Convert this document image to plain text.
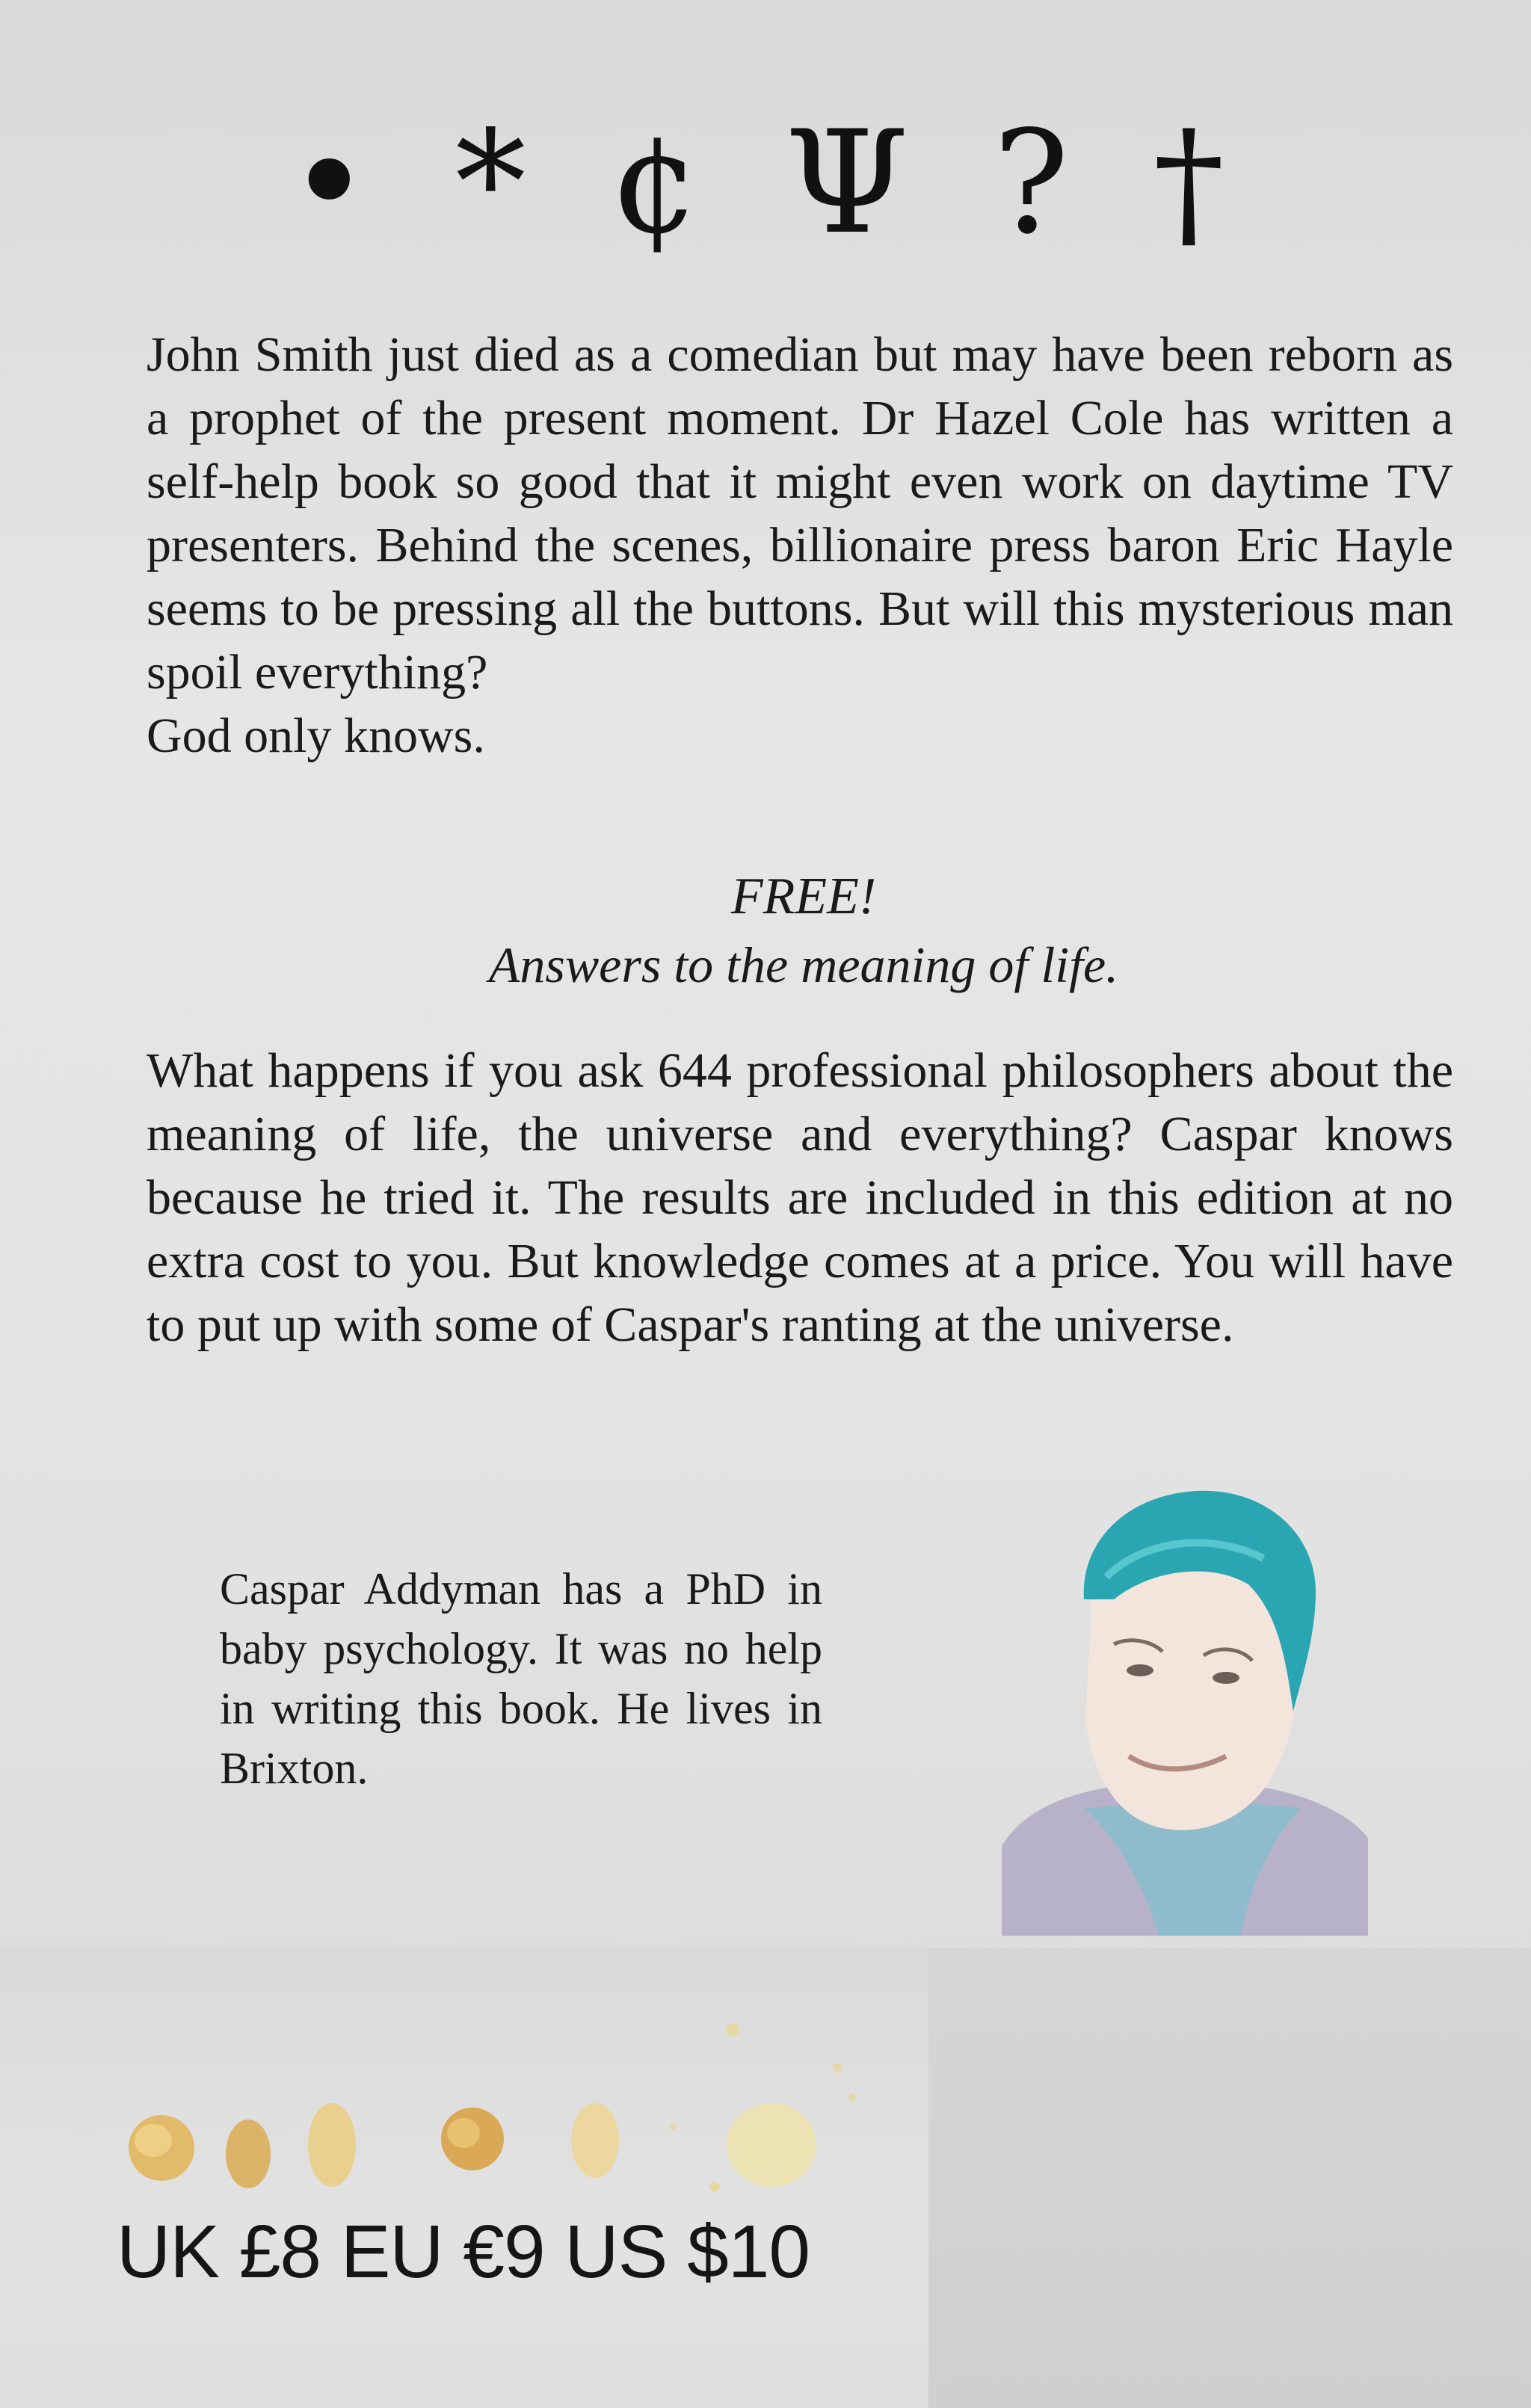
• * ¢ Ψ ? †
John Smith just died as a comedian but may have been reborn as a prophet of the present moment. Dr Hazel Cole has written a self-help book so good that it might even work on daytime TV presenters. Behind the scenes, billionaire press baron Eric Hayle seems to be pressing all the buttons. But will this mysterious man spoil everything?
God only knows.
FREE!
Answers to the meaning of life.
What happens if you ask 644 professional philosophers about the meaning of life, the universe and everything? Caspar knows because he tried it. The results are included in this edition at no extra cost to you. But knowledge comes at a price. You will have to put up with some of Caspar's ranting at the universe.
Caspar Addyman has a PhD in baby psychology. It was no help in writing this book. He lives in Brixton.
UK £8 EU €9 US $10
